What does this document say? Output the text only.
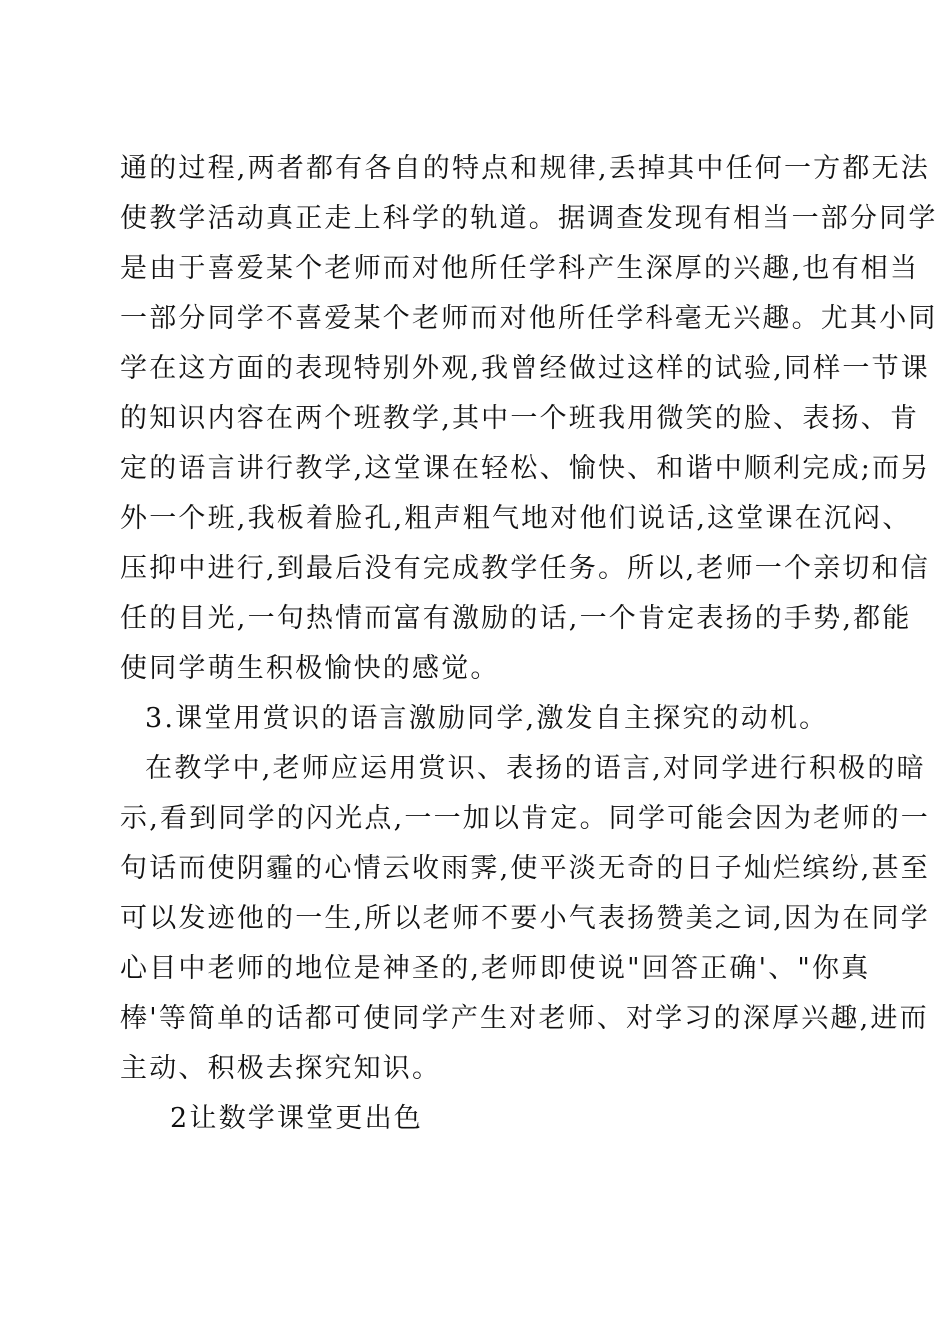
通的过程,两者都有各自的特点和规律,丢掉其中任何一方都无法
使教学活动真正走上科学的轨道。据调查发现有相当一部分同学
是由于喜爱某个老师而对他所任学科产生深厚的兴趣,也有相当
一部分同学不喜爱某个老师而对他所任学科毫无兴趣。尤其小同
学在这方面的表现特别外观,我曾经做过这样的试验,同样一节课
的知识内容在两个班教学,其中一个班我用微笑的脸、表扬、肯
定的语言讲行教学,这堂课在轻松、愉快、和谐中顺利完成;而另
外一个班,我板着脸孔,粗声粗气地对他们说话,这堂课在沉闷、
压抑中进行,到最后没有完成教学任务。所以,老师一个亲切和信
任的目光,一句热情而富有激励的话,一个肯定表扬的手势,都能
使同学萌生积极愉快的感觉。
3.课堂用赏识的语言激励同学,激发自主探究的动机。
在教学中,老师应运用赏识、表扬的语言,对同学进行积极的暗
示,看到同学的闪光点,一一加以肯定。同学可能会因为老师的一
句话而使阴霾的心情云收雨霁,使平淡无奇的日子灿烂缤纷,甚至
可以发迹他的一生,所以老师不要小气表扬赞美之词,因为在同学
心目中老师的地位是神圣的,老师即使说"回答正确'、"你真
棒'等简单的话都可使同学产生对老师、对学习的深厚兴趣,进而
主动、积极去探究知识。
2让数学课堂更出色
